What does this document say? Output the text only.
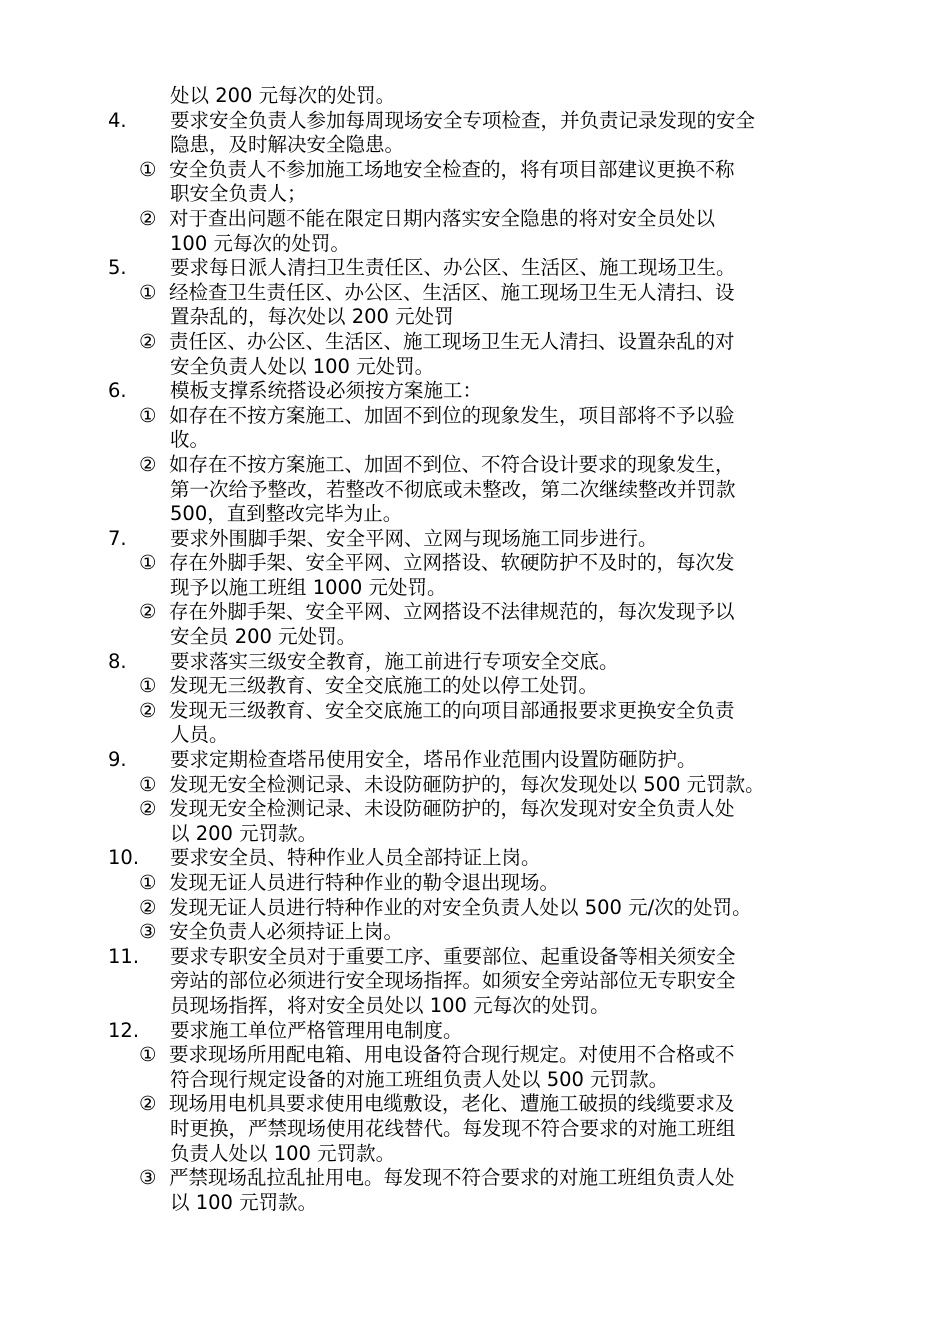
处以 200 元每次的处罚。
4.	要求安全负责人参加每周现场安全专项检查，并负责记录发现的安全
隐患，及时解决安全隐患。
① 安全负责人不参加施工场地安全检查的，将有项目部建议更换不称
职安全负责人；
② 对于查出问题不能在限定日期内落实安全隐患的将对安全员处以
100 元每次的处罚。
5.	要求每日派人清扫卫生责任区、办公区、生活区、施工现场卫生。
① 经检查卫生责任区、办公区、生活区、施工现场卫生无人清扫、设
置杂乱的，每次处以 200 元处罚
② 责任区、办公区、生活区、施工现场卫生无人清扫、设置杂乱的对
安全负责人处以 100 元处罚。
6.	模板支撑系统搭设必须按方案施工：
① 如存在不按方案施工、加固不到位的现象发生，项目部将不予以验
收。
② 如存在不按方案施工、加固不到位、不符合设计要求的现象发生，
第一次给予整改，若整改不彻底或未整改，第二次继续整改并罚款
500，直到整改完毕为止。
7.	要求外围脚手架、安全平网、立网与现场施工同步进行。
① 存在外脚手架、安全平网、立网搭设、软硬防护不及时的，每次发
现予以施工班组 1000 元处罚。
② 存在外脚手架、安全平网、立网搭设不法律规范的，每次发现予以
安全员 200 元处罚。
8.	要求落实三级安全教育，施工前进行专项安全交底。
① 发现无三级教育、安全交底施工的处以停工处罚。
② 发现无三级教育、安全交底施工的向项目部通报要求更换安全负责
人员。
9.	要求定期检查塔吊使用安全，塔吊作业范围内设置防砸防护。
① 发现无安全检测记录、未设防砸防护的，每次发现处以 500 元罚款。
② 发现无安全检测记录、未设防砸防护的，每次发现对安全负责人处
以 200 元罚款。
10.	要求安全员、特种作业人员全部持证上岗。
① 发现无证人员进行特种作业的勒令退出现场。
② 发现无证人员进行特种作业的对安全负责人处以 500 元/次的处罚。
③ 安全负责人必须持证上岗。
11.	要求专职安全员对于重要工序、重要部位、起重设备等相关须安全
旁站的部位必须进行安全现场指挥。如须安全旁站部位无专职安全
员现场指挥，将对安全员处以 100 元每次的处罚。
12.	要求施工单位严格管理用电制度。
① 要求现场所用配电箱、用电设备符合现行规定。对使用不合格或不
符合现行规定设备的对施工班组负责人处以 500 元罚款。
② 现场用电机具要求使用电缆敷设，老化、遭施工破损的线缆要求及
时更换，严禁现场使用花线替代。每发现不符合要求的对施工班组
负责人处以 100 元罚款。
③ 严禁现场乱拉乱扯用电。每发现不符合要求的对施工班组负责人处
以 100 元罚款。
